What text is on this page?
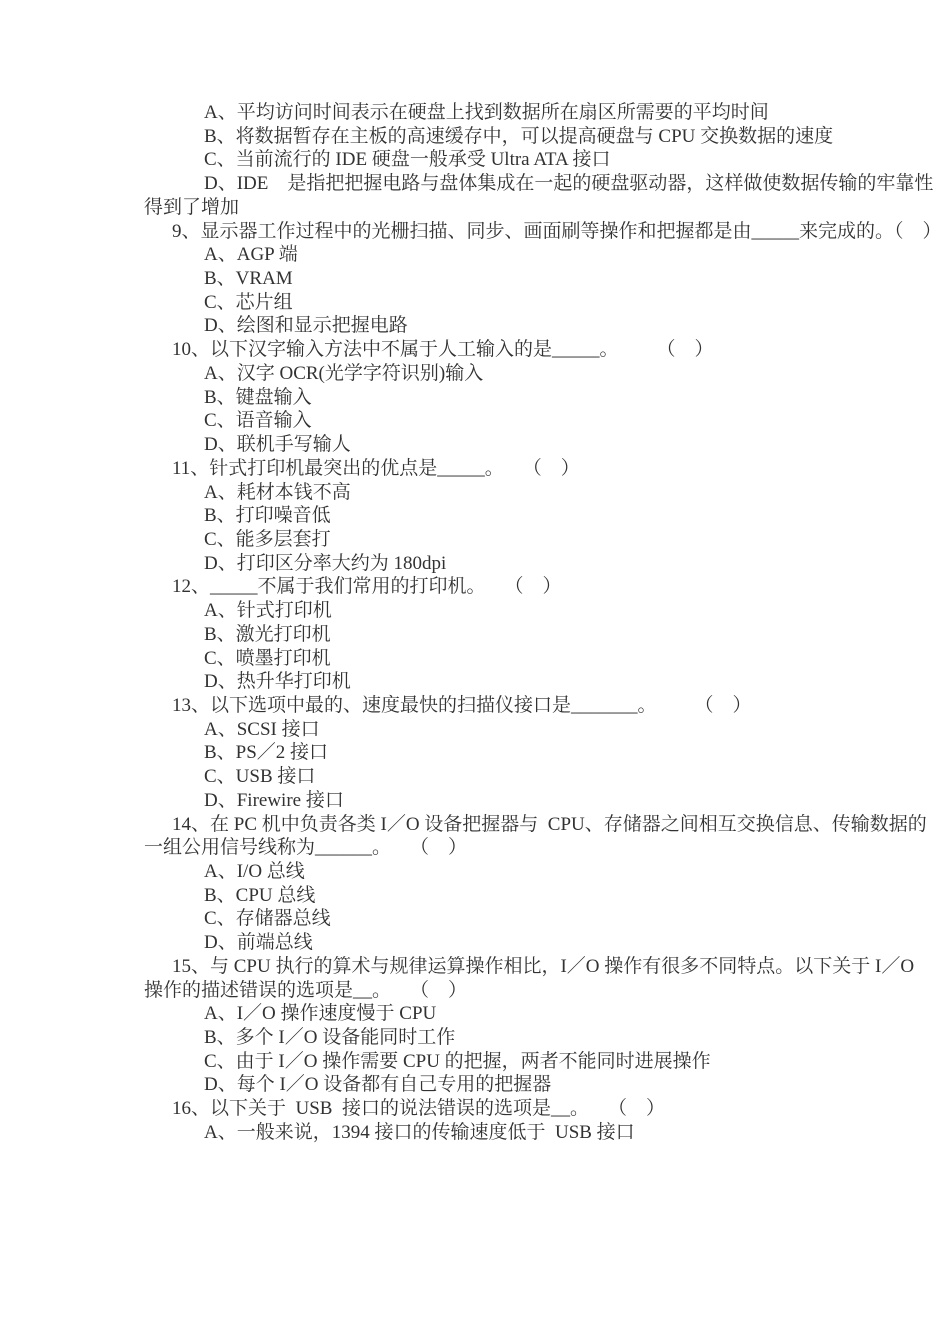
A、平均访问时间表示在硬盘上找到数据所在扇区所需要的平均时间
B、将数据暂存在主板的高速缓存中，可以提高硬盘与 CPU 交换数据的速度
C、当前流行的 IDE 硬盘一般承受 Ultra ATA 接口
D、IDE　是指把把握电路与盘体集成在一起的硬盘驱动器，这样做使数据传输的牢靠性
得到了增加
9、显示器工作过程中的光栅扫描、同步、画面刷等操作和把握都是由_____来完成的。（　）
A、AGP 端
B、VRAM
C、芯片组
D、绘图和显示把握电路
10、以下汉字输入方法中不属于人工输入的是_____。　　　（　）
A、汉字 OCR(光学字符识别)输入
B、键盘输入
C、语音输入
D、联机手写输人
11、针式打印机最突出的优点是_____。　　（　）
A、耗材本钱不高
B、打印噪音低
C、能多层套打
D、打印区分率大约为 180dpi
12、_____不属于我们常用的打印机。　　（　）
A、针式打印机
B、激光打印机
C、喷墨打印机
D、热升华打印机
13、以下选项中最的、速度最快的扫描仪接口是_______。　　　（　）
A、SCSI 接口
B、PS／2 接口
C、USB 接口
D、Firewire 接口
14、在 PC 机中负责各类 I／O 设备把握器与  CPU、存储器之间相互交换信息、传输数据的
一组公用信号线称为______。　　（　）
A、I/O 总线
B、CPU 总线
C、存储器总线
D、前端总线
15、与 CPU 执行的算术与规律运算操作相比，I／O 操作有很多不同特点。以下关于 I／O
操作的描述错误的选项是__。　　（　）
A、I／O 操作速度慢于 CPU
B、多个 I／O 设备能同时工作
C、由于 I／O 操作需要 CPU 的把握，两者不能同时进展操作
D、每个 I／O 设备都有自己专用的把握器
16、以下关于  USB  接口的说法错误的选项是__。　　（　）
A、一般来说，1394 接口的传输速度低于  USB 接口
